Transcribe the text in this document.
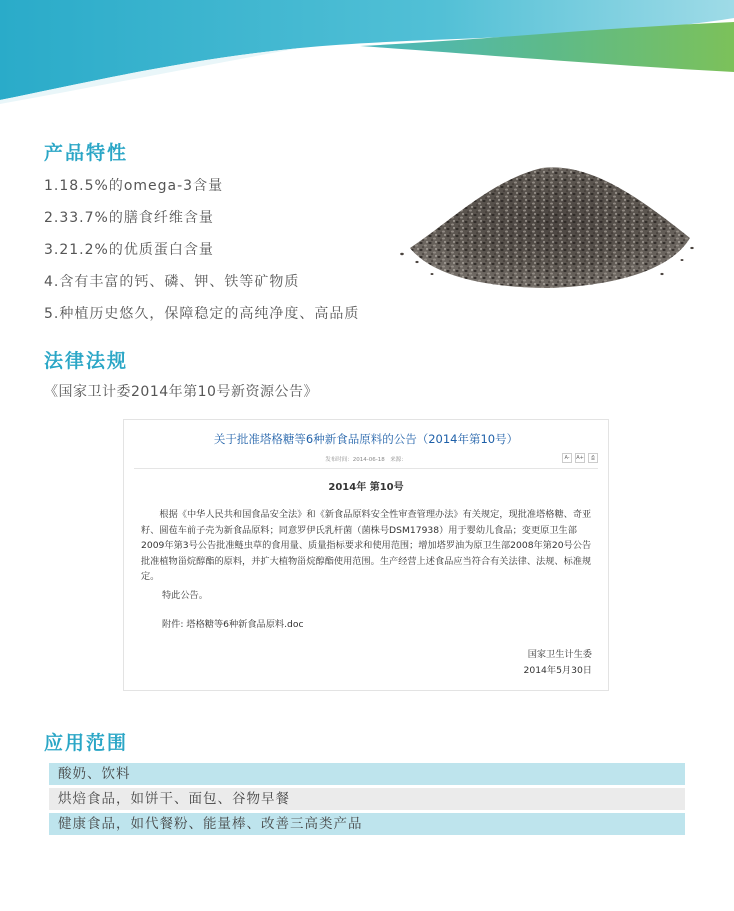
产品特性
1.18.5%的omega-3含量
2.33.7%的膳食纤维含量
3.21.2%的优质蛋白含量
4.含有丰富的钙、磷、钾、铁等矿物质
5.种植历史悠久，保障稳定的高纯净度、高品质
法律法规
《国家卫计委2014年第10号新资源公告》
关于批准塔格糖等6种新食品原料的公告（2014年第10号）
发布时间：2014-06-18　来源：	A-	A+	⎙
2014年 第10号

根据《中华人民共和国食品安全法》和《新食品原料安全性审查管理办法》有关规定，现批准塔格糖、奇亚籽、圆苞车前子壳为新食品原料；同意罗伊氏乳杆菌（菌株号DSM17938）用于婴幼儿食品；变更原卫生部2009年第3号公告批准鲢虫草的食用量、质量指标要求和使用范围；增加塔罗油为原卫生部2008年第20号公告批准植物甾烷醇酯的原料，并扩大植物甾烷醇酯使用范围。生产经营上述食品应当符合有关法律、法规、标准规定。

特此公告。
附件: 塔格糖等6种新食品原料.doc
国家卫生计生委
2014年5月30日
应用范围
酸奶、饮料
烘焙食品，如饼干、面包、谷物早餐
健康食品，如代餐粉、能量棒、改善三高类产品
